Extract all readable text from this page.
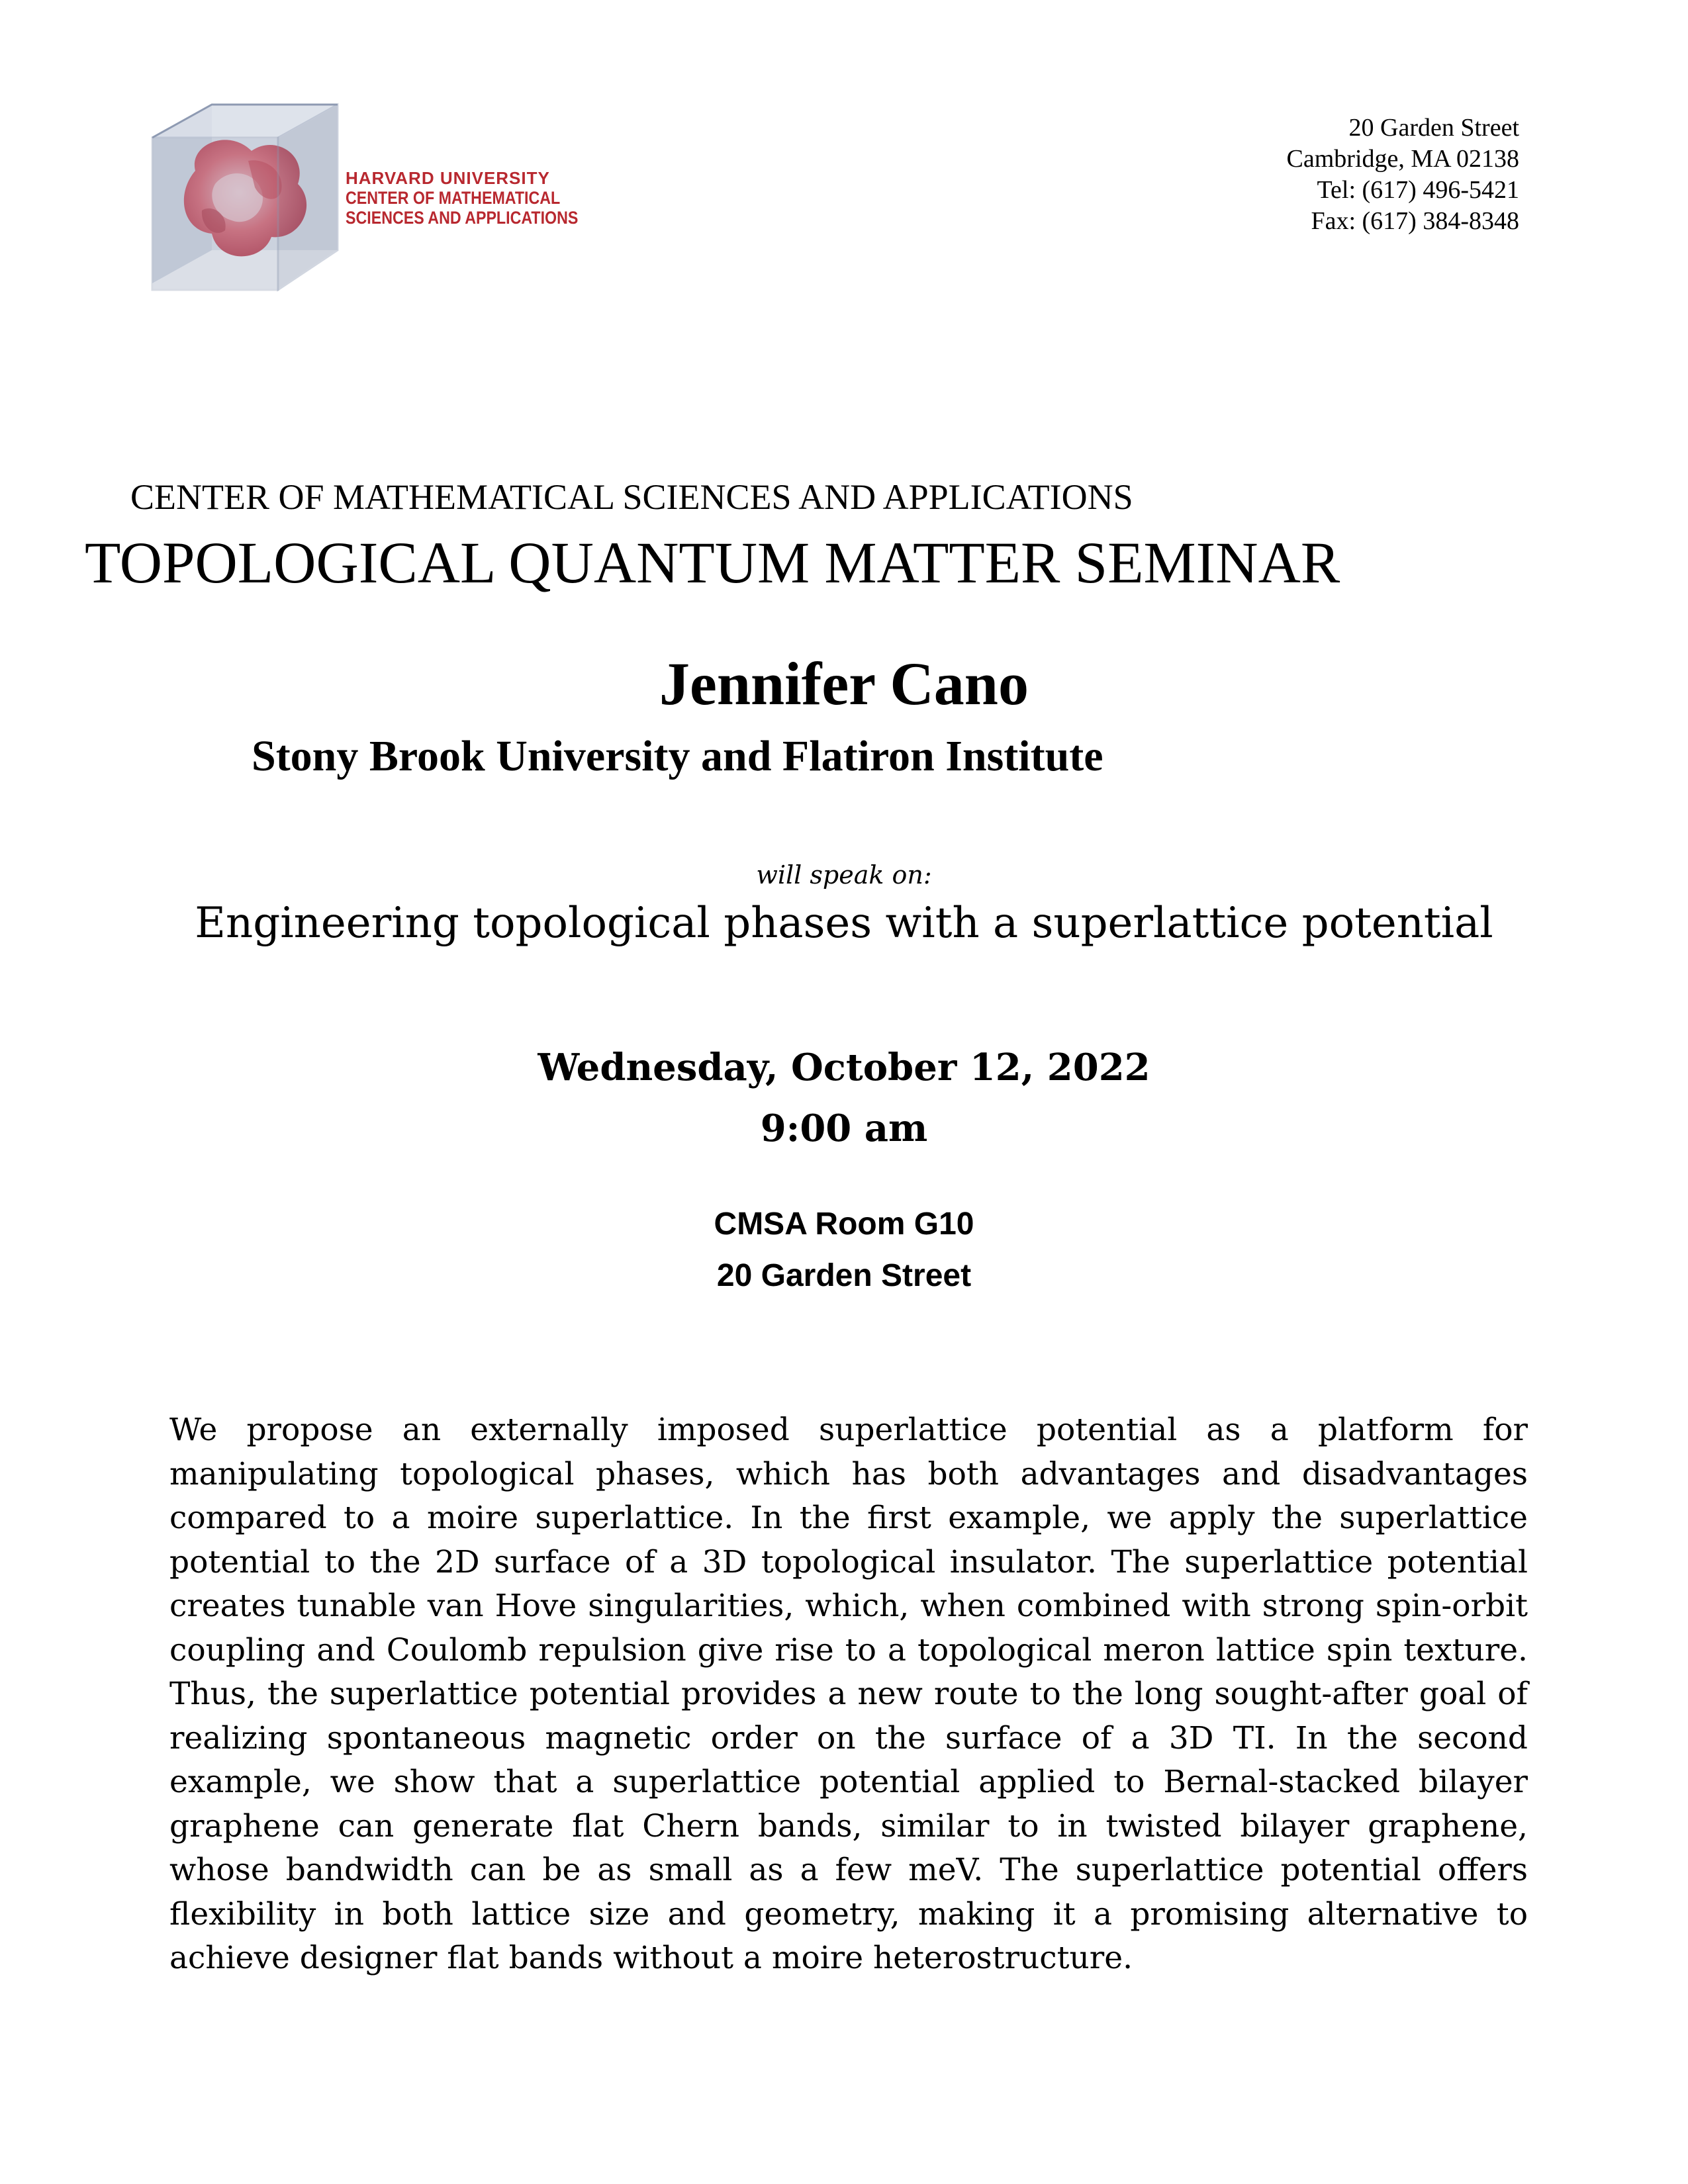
HARVARD UNIVERSITY
CENTER OF MATHEMATICAL
SCIENCES AND APPLICATIONS
20 Garden Street
Cambridge, MA 02138
Tel: (617) 496-5421
Fax: (617) 384-8348
CENTER OF MATHEMATICAL SCIENCES AND APPLICATIONS
TOPOLOGICAL QUANTUM MATTER SEMINAR
Jennifer Cano
Stony Brook University and Flatiron Institute
will speak on:
Engineering topological phases with a superlattice potential
Wednesday, October 12, 2022
9:00 am
CMSA Room G10
20 Garden Street
We propose an externally imposed superlattice potential as a platform for manipulating topological phases, which has both advantages and disadvantages compared to a moire superlattice. In the first example, we apply the superlattice potential to the 2D surface of a 3D topological insulator. The superlattice potential creates tunable van Hove singularities, which, when combined with strong spin-orbit coupling and Coulomb repulsion give rise to a topological meron lattice spin texture. Thus, the superlattice potential provides a new route to the long sought-after goal of realizing spontaneous magnetic order on the surface of a 3D TI. In the second example, we show that a superlattice potential applied to Bernal-stacked bilayer graphene can generate flat Chern bands, similar to in twisted bilayer graphene, whose bandwidth can be as small as a few meV. The superlattice potential offers flexibility in both lattice size and geometry, making it a promising alternative to achieve designer flat bands without a moire heterostructure.
